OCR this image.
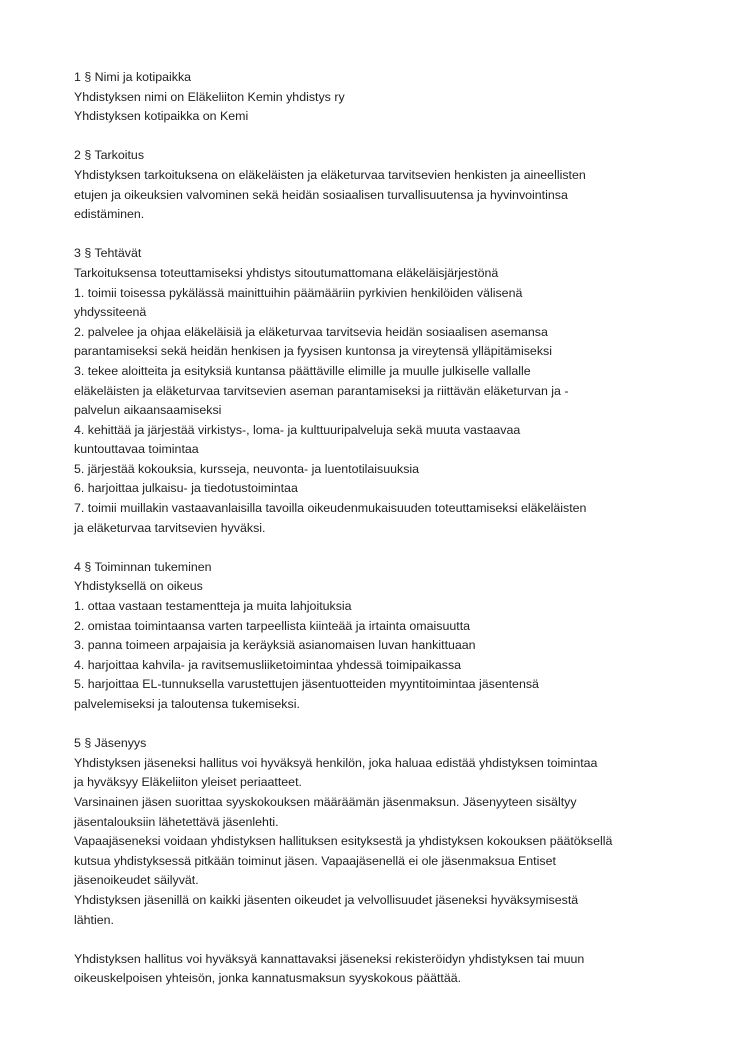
1 § Nimi ja kotipaikka
Yhdistyksen nimi on Eläkeliiton Kemin yhdistys ry
Yhdistyksen kotipaikka on Kemi
2 § Tarkoitus
Yhdistyksen tarkoituksena on eläkeläisten ja eläketurvaa tarvitsevien henkisten ja aineellisten
etujen ja oikeuksien valvominen sekä heidän sosiaalisen turvallisuutensa ja hyvinvointinsa
edistäminen.
3 § Tehtävät
Tarkoituksensa toteuttamiseksi yhdistys sitoutumattomana eläkeläisjärjestönä
1. toimii toisessa pykälässä mainittuihin päämääriin pyrkivien henkilöiden välisenä
yhdyssiteenä
2. palvelee ja ohjaa eläkeläisiä ja eläketurvaa tarvitsevia heidän sosiaalisen asemansa
parantamiseksi sekä heidän henkisen ja fyysisen kuntonsa ja vireytensä ylläpitämiseksi
3. tekee aloitteita ja esityksiä kuntansa päättäville elimille ja muulle julkiselle vallalle
eläkeläisten ja eläketurvaa tarvitsevien aseman parantamiseksi ja riittävän eläketurvan ja -
palvelun aikaansaamiseksi
4. kehittää ja järjestää virkistys-, loma- ja kulttuuripalveluja sekä muuta vastaavaa
kuntouttavaa toimintaa
5. järjestää kokouksia, kursseja, neuvonta- ja luentotilaisuuksia
6. harjoittaa julkaisu- ja tiedotustoimintaa
7. toimii muillakin vastaavanlaisilla tavoilla oikeudenmukaisuuden toteuttamiseksi eläkeläisten
ja eläketurvaa tarvitsevien hyväksi.
4 § Toiminnan tukeminen
Yhdistyksellä on oikeus
1. ottaa vastaan testamentteja ja muita lahjoituksia
2. omistaa toimintaansa varten tarpeellista kiinteää ja irtainta omaisuutta
3. panna toimeen arpajaisia ja keräyksiä asianomaisen luvan hankittuaan
4. harjoittaa kahvila- ja ravitsemusliiketoimintaa yhdessä toimipaikassa
5. harjoittaa EL-tunnuksella varustettujen jäsentuotteiden myyntitoimintaa jäsentensä
palvelemiseksi ja taloutensa tukemiseksi.
5 § Jäsenyys
Yhdistyksen jäseneksi hallitus voi hyväksyä henkilön, joka haluaa edistää yhdistyksen toimintaa
ja hyväksyy Eläkeliiton yleiset periaatteet.
Varsinainen jäsen suorittaa syyskokouksen määräämän jäsenmaksun. Jäsenyyteen sisältyy
jäsentalouksiin lähetettävä jäsenlehti.
Vapaajäseneksi voidaan yhdistyksen hallituksen esityksestä ja yhdistyksen kokouksen päätöksellä
kutsua yhdistyksessä pitkään toiminut jäsen. Vapaajäsenellä ei ole jäsenmaksua Entiset
jäsenoikeudet säilyvät.
Yhdistyksen jäsenillä on kaikki jäsenten oikeudet ja velvollisuudet jäseneksi hyväksymisestä
lähtien.
Yhdistyksen hallitus voi hyväksyä kannattavaksi jäseneksi rekisteröidyn yhdistyksen tai muun
oikeuskelpoisen yhteisön, jonka kannatusmaksun syyskokous päättää.
